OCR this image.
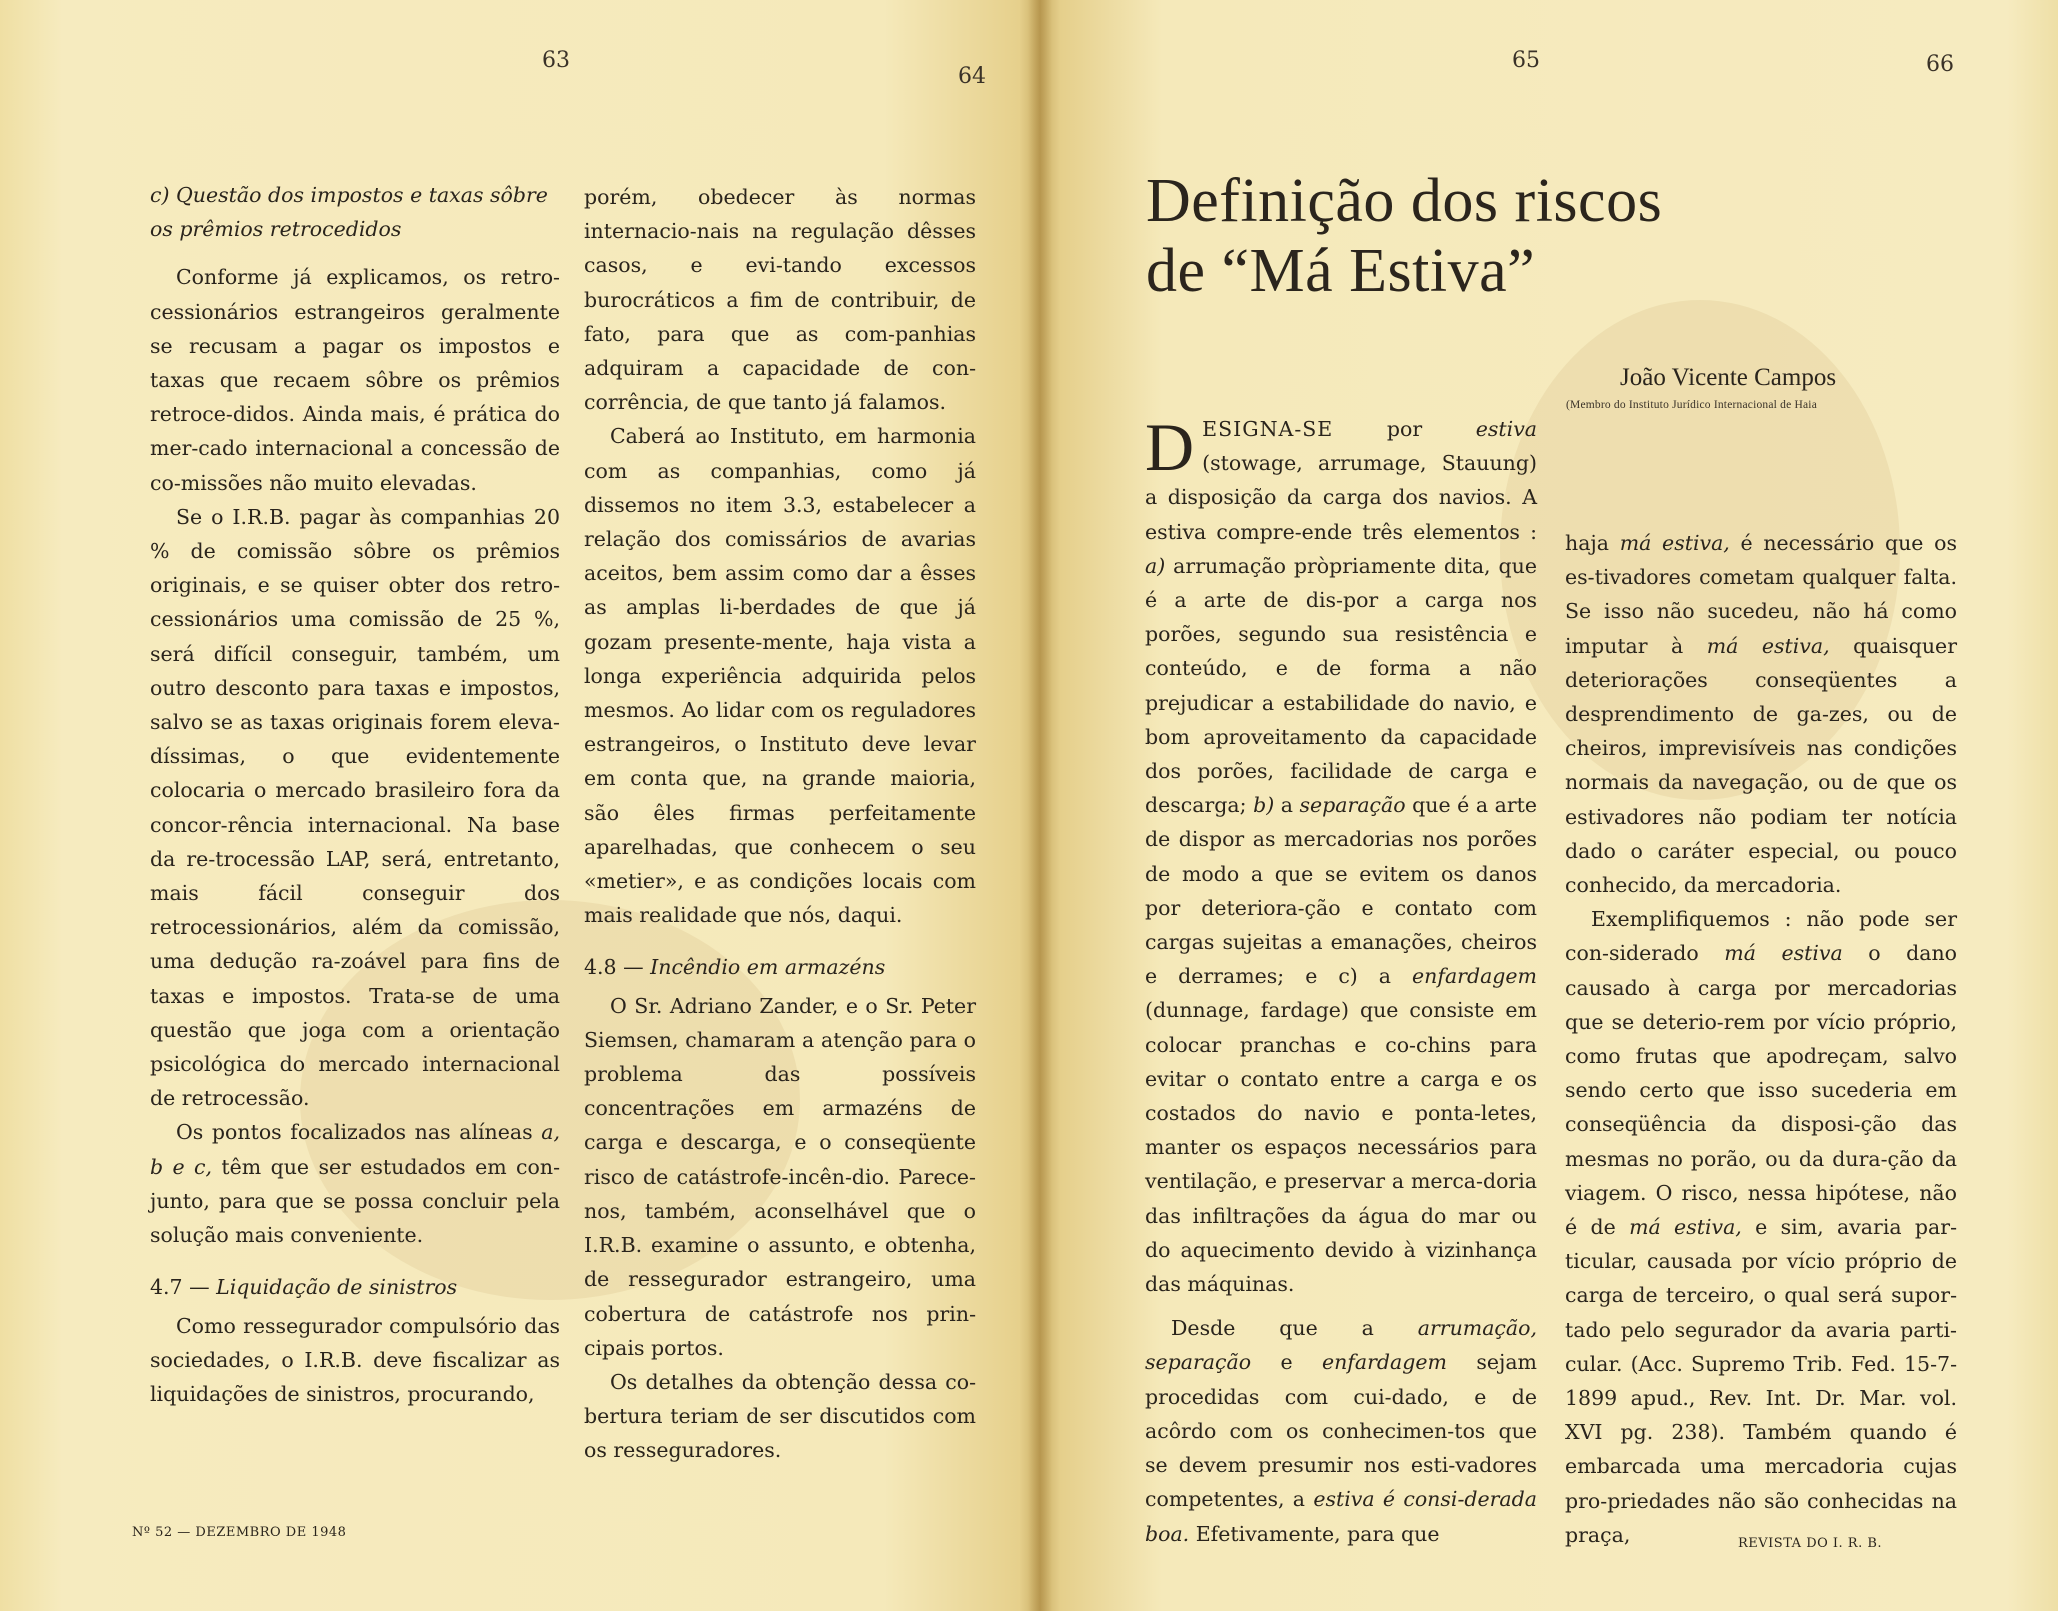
63
64
65	66

c) Questão dos impostos e taxas sôbre os prêmios retrocedidos

Conforme já explicamos, os retro-cessionários estrangeiros geralmente se recusam a pagar os impostos e taxas que recaem sôbre os prêmios retroce-didos. Ainda mais, é prática do mer-cado internacional a concessão de co-missões não muito elevadas.

Se o I.R.B. pagar às companhias 20 % de comissão sôbre os prêmios originais, e se quiser obter dos retro-cessionários uma comissão de 25 %, será difícil conseguir, também, um outro desconto para taxas e impostos, salvo se as taxas originais forem eleva-díssimas, o que evidentemente colocaria o mercado brasileiro fora da concor-rência internacional. Na base da re-trocessão LAP, será, entretanto, mais fácil conseguir dos retrocessionários, além da comissão, uma dedução ra-zoável para fins de taxas e impostos. Trata-se de uma questão que joga com a orientação psicológica do mercado internacional de retrocessão.

Os pontos focalizados nas alíneas a, b e c, têm que ser estudados em con-junto, para que se possa concluir pela solução mais conveniente.

4.7 — Liquidação de sinistros

Como ressegurador compulsório das sociedades, o I.R.B. deve fiscalizar as liquidações de sinistros, procurando,

porém, obedecer às normas internacio-nais na regulação dêsses casos, e evi-tando excessos burocráticos a fim de contribuir, de fato, para que as com-panhias adquiram a capacidade de con-corrência, de que tanto já falamos.

Caberá ao Instituto, em harmonia com as companhias, como já dissemos no item 3.3, estabelecer a relação dos comissários de avarias aceitos, bem assim como dar a êsses as amplas li-berdades de que já gozam presente-mente, haja vista a longa experiência adquirida pelos mesmos. Ao lidar com os reguladores estrangeiros, o Instituto deve levar em conta que, na grande maioria, são êles firmas perfeitamente aparelhadas, que conhecem o seu «metier», e as condições locais com mais realidade que nós, daqui.

4.8 — Incêndio em armazéns

O Sr. Adriano Zander, e o Sr. Peter Siemsen, chamaram a atenção para o problema das possíveis concentrações em armazéns de carga e descarga, e o conseqüente risco de catástrofe-incên-dio. Parece-nos, também, aconselhável que o I.R.B. examine o assunto, e obtenha, de ressegurador estrangeiro, uma cobertura de catástrofe nos prin-cipais portos.

Os detalhes da obtenção dessa co-bertura teriam de ser discutidos com os resseguradores.

Nº 52 — DEZEMBRO DE 1948
Definição dos riscos
de “Má Estiva”
João Vicente Campos
(Membro do Instituto Jurídico Internacional de Haia

DESIGNA-SE por estiva (stowage, arrumage, Stauung) a disposição da carga dos navios. A estiva compre-ende três elementos : a) arrumação pròpriamente dita, que é a arte de dis-por a carga nos porões, segundo sua resistência e conteúdo, e de forma a não prejudicar a estabilidade do navio, e bom aproveitamento da capacidade dos porões, facilidade de carga e descarga; b) a separação que é a arte de dispor as mercadorias nos porões de modo a que se evitem os danos por deteriora-ção e contato com cargas sujeitas a emanações, cheiros e derrames; e c) a enfardagem (dunnage, fardage) que consiste em colocar pranchas e co-chins para evitar o contato entre a carga e os costados do navio e ponta-letes, manter os espaços necessários para ventilação, e preservar a merca-doria das infiltrações da água do mar ou do aquecimento devido à vizinhança das máquinas.

Desde que a arrumação, separação e enfardagem sejam procedidas com cui-dado, e de acôrdo com os conhecimen-tos que se devem presumir nos esti-vadores competentes, a estiva é consi-derada boa. Efetivamente, para que

haja má estiva, é necessário que os es-tivadores cometam qualquer falta. Se isso não sucedeu, não há como imputar à má estiva, quaisquer deteriorações conseqüentes a desprendimento de ga-zes, ou de cheiros, imprevisíveis nas condições normais da navegação, ou de que os estivadores não podiam ter notícia dado o caráter especial, ou pouco conhecido, da mercadoria.

Exemplifiquemos : não pode ser con-siderado má estiva o dano causado à carga por mercadorias que se deterio-rem por vício próprio, como frutas que apodreçam, salvo sendo certo que isso sucederia em conseqüência da disposi-ção das mesmas no porão, ou da dura-ção da viagem. O risco, nessa hipótese, não é de má estiva, e sim, avaria par-ticular, causada por vício próprio de carga de terceiro, o qual será supor-tado pelo segurador da avaria parti-cular. (Acc. Supremo Trib. Fed. 15-7-1899 apud., Rev. Int. Dr. Mar. vol. XVI pg. 238). Também quando é embarcada uma mercadoria cujas pro-priedades não são conhecidas na praça,	REVISTA DO I. R. B.
